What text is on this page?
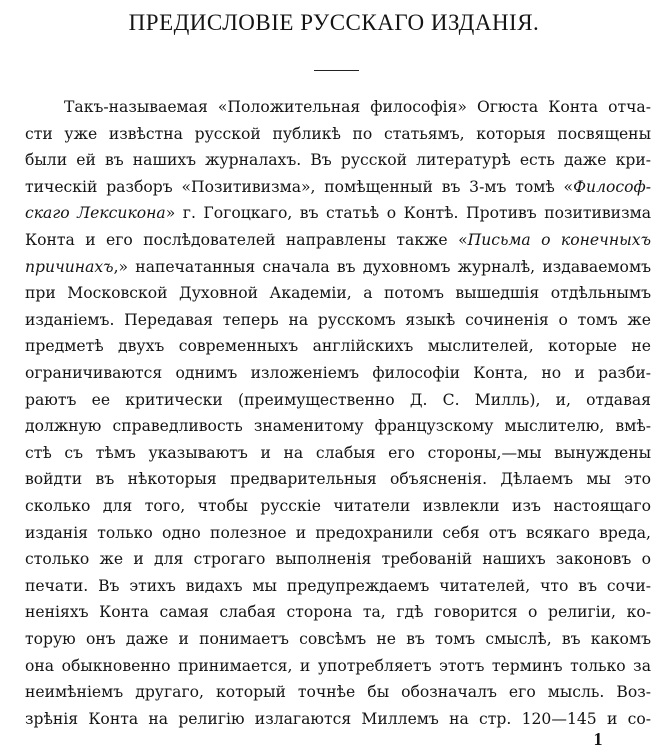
ПРЕДИСЛОВІЕ РУССКАГО ИЗДАНІЯ.
Такъ-называемая «Положительная философія» Огюста Конта отча-
сти уже извѣстна русской публикѣ по статьямъ, которыя посвящены
были ей въ нашихъ журналахъ. Въ русской литературѣ есть даже кри-
тическій разборъ «Позитивизма», помѣщенный въ 3-мъ томѣ «Философ-
скаго Лексикона» г. Гогоцкаго, въ статьѣ о Контѣ. Противъ позитивизма
Конта и его послѣдователей направлены также «Письма о конечныхъ
причинахъ,» напечатанныя сначала въ духовномъ журналѣ, издаваемомъ
при Московской Духовной Академіи, а потомъ вышедшія отдѣльнымъ
изданіемъ. Передавая теперь на русскомъ языкѣ сочиненія о томъ же
предметѣ двухъ современныхъ англійскихъ мыслителей, которые не
ограничиваются однимъ изложеніемъ философіи Конта, но и разби-
раютъ ее критически (преимущественно Д. С. Милль), и, отдавая
должную справедливость знаменитому французскому мыслителю, вмѣ-
стѣ съ тѣмъ указываютъ и на слабыя его стороны,—мы вынуждены
войдти въ нѣкоторыя предварительныя объясненія. Дѣлаемъ мы это
сколько для того, чтобы русскіе читатели извлекли изъ настоящаго
изданія только одно полезное и предохранили себя отъ всякаго вреда,
столько же и для строгаго выполненія требованій нашихъ законовъ о
печати. Въ этихъ видахъ мы предупреждаемъ читателей, что въ сочи-
неніяхъ Конта самая слабая сторона та, гдѣ говорится о религіи, ко-
торую онъ даже и понимаетъ совсѣмъ не въ томъ смыслѣ, въ какомъ
она обыкновенно принимается, и употребляетъ этотъ терминъ только за
неимѣніемъ другаго, который точнѣе бы обозначалъ его мысль. Воз-
зрѣнія Конта на религію излагаются Миллемъ на стр. 120—145 и со-
1
